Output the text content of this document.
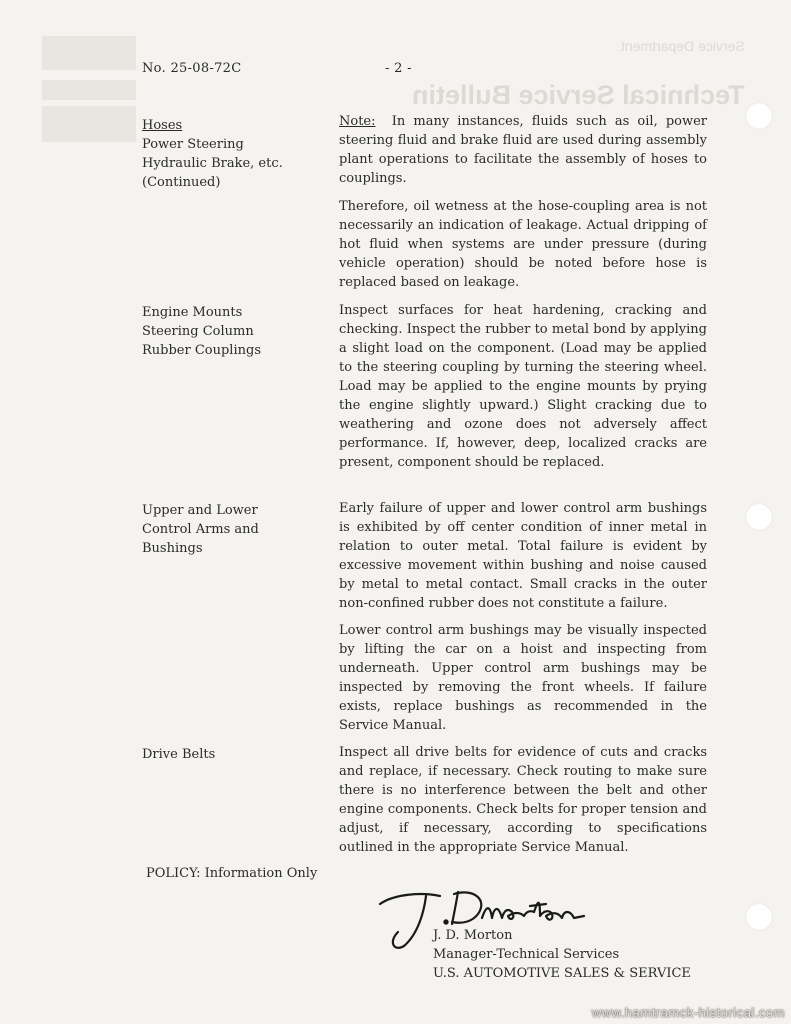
Service Department
Technical Service Bulletin
No. 25-08-72C	- 2 -
Hoses
Power Steering
Hydraulic Brake, etc.
(Continued)

Note: In many instances, fluids such as oil, power steering fluid and brake fluid are used during assembly plant operations to facilitate the assembly of hoses to couplings.

Therefore, oil wetness at the hose-coupling area is not necessarily an indication of leakage. Actual dripping of hot fluid when systems are under pressure (during vehicle operation) should be noted before hose is replaced based on leakage.

Engine Mounts
Steering Column
Rubber Couplings

Inspect surfaces for heat hardening, cracking and checking. Inspect the rubber to metal bond by applying a slight load on the component. (Load may be applied to the steering coupling by turning the steering wheel. Load may be applied to the engine mounts by prying the engine slightly upward.) Slight cracking due to weathering and ozone does not adversely affect performance. If, however, deep, localized cracks are present, component should be replaced.

Upper and Lower
Control Arms and
Bushings

Early failure of upper and lower control arm bushings is exhibited by off center condition of inner metal in relation to outer metal. Total failure is evident by excessive movement within bushing and noise caused by metal to metal contact. Small cracks in the outer non-confined rubber does not constitute a failure.

Lower control arm bushings may be visually inspected by lifting the car on a hoist and inspecting from underneath. Upper control arm bushings may be inspected by removing the front wheels. If failure exists, replace bushings as recommended in the Service Manual.

Drive Belts	Inspect all drive belts for evidence of cuts and cracks and replace, if necessary. Check routing to make sure there is no interference between the belt and other engine components. Check belts for proper tension and adjust, if necessary, according to specifications outlined in the appropriate Service Manual.

POLICY: Information Only
J. D. Morton
Manager-Technical Services
U.S. AUTOMOTIVE SALES & SERVICE
www.hamtramck-historical.com
